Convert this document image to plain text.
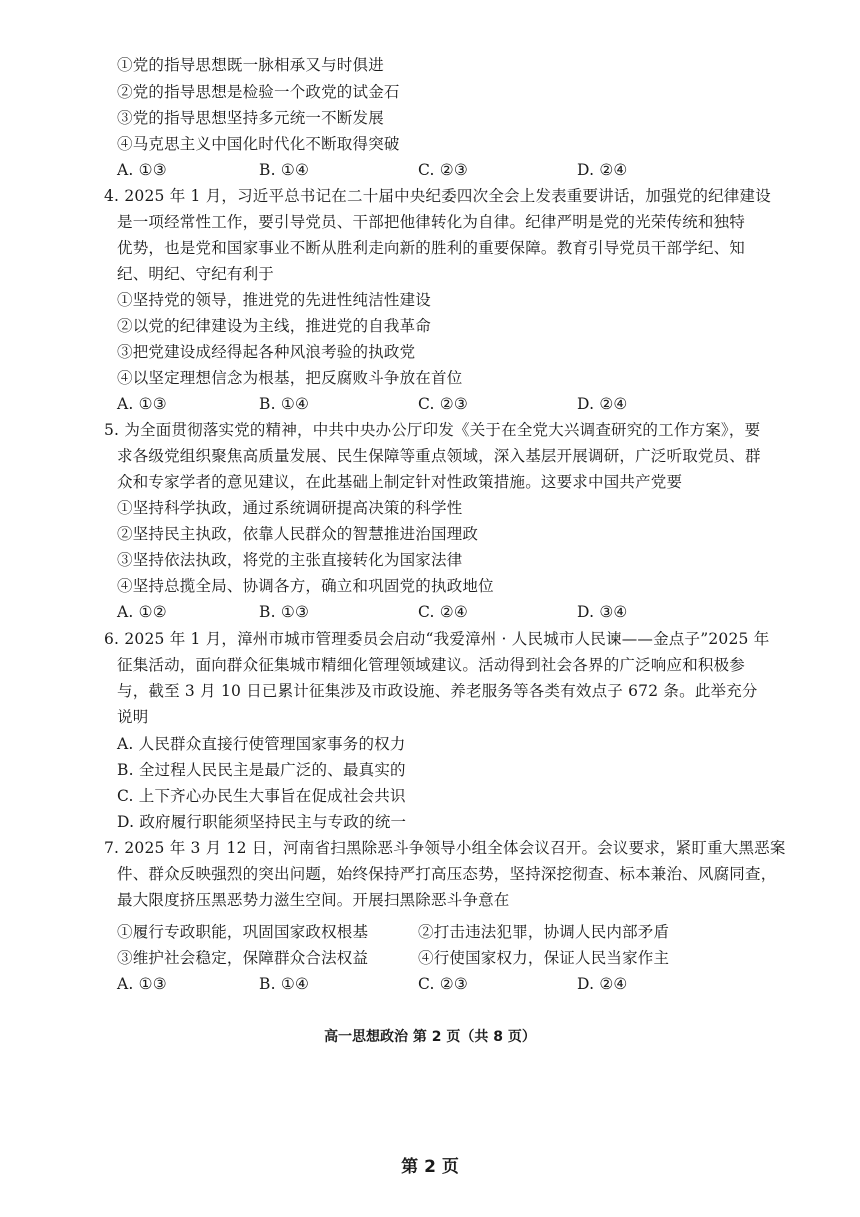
①党的指导思想既一脉相承又与时俱进
②党的指导思想是检验一个政党的试金石
③党的指导思想坚持多元统一不断发展
④马克思主义中国化时代化不断取得突破
A. ①③	B. ①④	C. ②③	D. ②④
4. 2025 年 1 月，习近平总书记在二十届中央纪委四次全会上发表重要讲话，加强党的纪律建设
是一项经常性工作，要引导党员、干部把他律转化为自律。纪律严明是党的光荣传统和独特
优势，也是党和国家事业不断从胜利走向新的胜利的重要保障。教育引导党员干部学纪、知
纪、明纪、守纪有利于
①坚持党的领导，推进党的先进性纯洁性建设
②以党的纪律建设为主线，推进党的自我革命
③把党建设成经得起各种风浪考验的执政党
④以坚定理想信念为根基，把反腐败斗争放在首位
A. ①③	B. ①④	C. ②③	D. ②④
5. 为全面贯彻落实党的精神，中共中央办公厅印发《关于在全党大兴调查研究的工作方案》，要
求各级党组织聚焦高质量发展、民生保障等重点领域，深入基层开展调研，广泛听取党员、群
众和专家学者的意见建议，在此基础上制定针对性政策措施。这要求中国共产党要
①坚持科学执政，通过系统调研提高决策的科学性
②坚持民主执政，依靠人民群众的智慧推进治国理政
③坚持依法执政，将党的主张直接转化为国家法律
④坚持总揽全局、协调各方，确立和巩固党的执政地位
A. ①②	B. ①③	C. ②④	D. ③④
6. 2025 年 1 月，漳州市城市管理委员会启动“我爱漳州 · 人民城市人民谏——金点子”2025 年
征集活动，面向群众征集城市精细化管理领域建议。活动得到社会各界的广泛响应和积极参
与，截至 3 月 10 日已累计征集涉及市政设施、养老服务等各类有效点子 672 条。此举充分
说明
A. 人民群众直接行使管理国家事务的权力
B. 全过程人民民主是最广泛的、最真实的
C. 上下齐心办民生大事旨在促成社会共识
D. 政府履行职能须坚持民主与专政的统一
7. 2025 年 3 月 12 日，河南省扫黑除恶斗争领导小组全体会议召开。会议要求，紧盯重大黑恶案
件、群众反映强烈的突出问题，始终保持严打高压态势，坚持深挖彻查、标本兼治、风腐同查，
最大限度挤压黑恶势力滋生空间。开展扫黑除恶斗争意在
①履行专政职能，巩固国家政权根基	②打击违法犯罪，协调人民内部矛盾
③维护社会稳定，保障群众合法权益	④行使国家权力，保证人民当家作主
A. ①③	B. ①④	C. ②③	D. ②④
高一思想政治 第 2 页（共 8 页）
第 2 页
